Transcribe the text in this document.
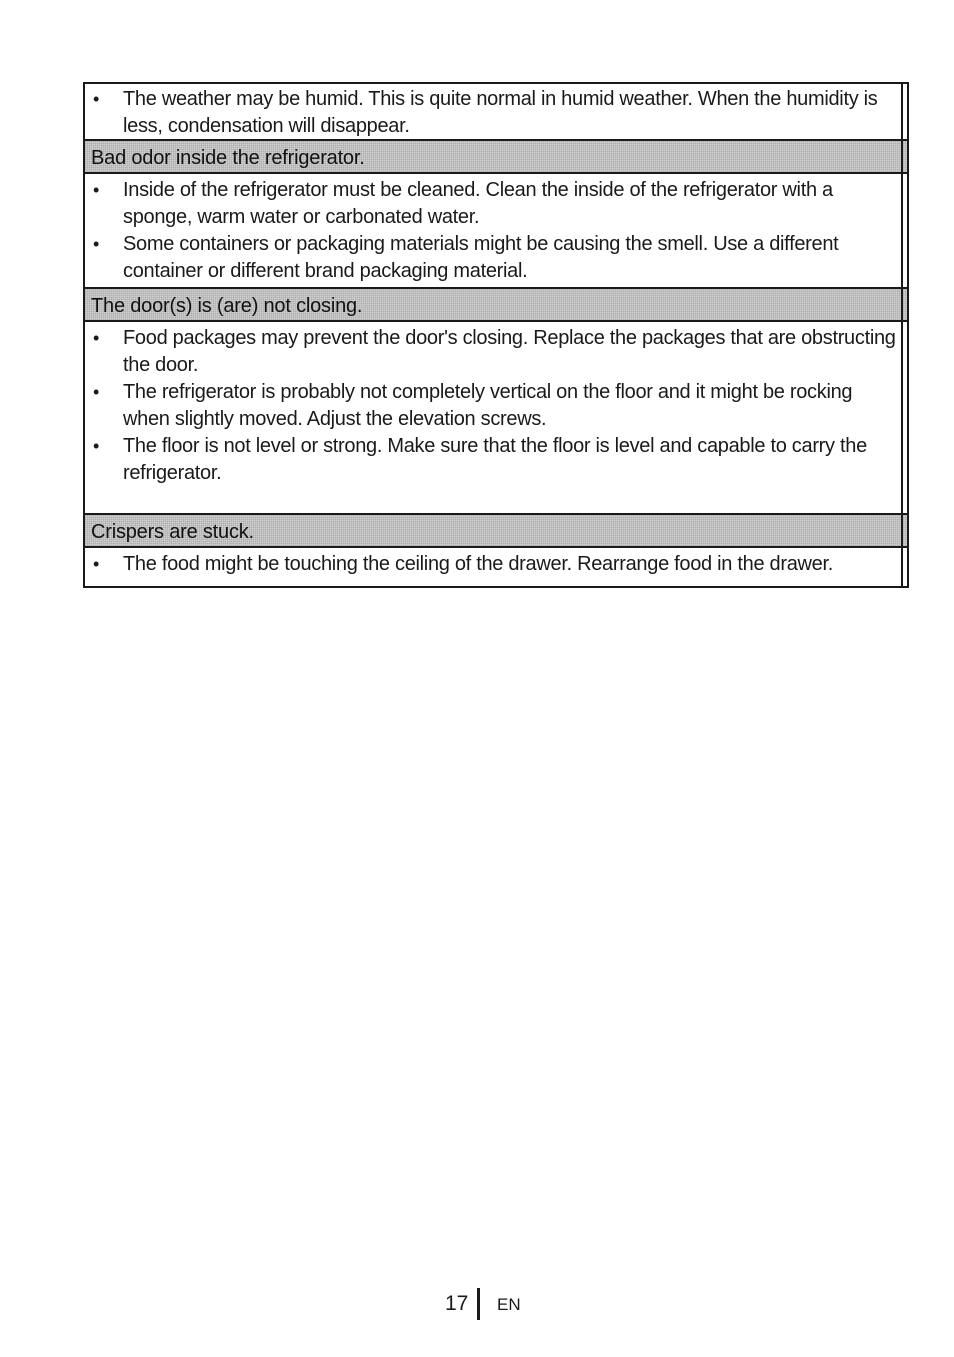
• The weather may be humid. This is quite normal in humid weather. When the humidity is less, condensation will disappear.
Bad odor inside the refrigerator.
• Inside of the refrigerator must be cleaned. Clean the inside of the refrigerator with a sponge, warm water or carbonated water.
• Some containers or packaging materials might be causing the smell. Use a different container or different brand packaging material.
The door(s) is (are) not closing.
• Food packages may prevent the door's closing. Replace the packages that are obstructing the door.
• The refrigerator is probably not completely vertical on the floor and it might be rocking when slightly moved. Adjust the elevation screws.
• The floor is not level or strong. Make sure that the floor is level and capable to carry the refrigerator.
Crispers are stuck.
• The food might be touching the ceiling of the drawer. Rearrange food in the drawer.
17 EN
